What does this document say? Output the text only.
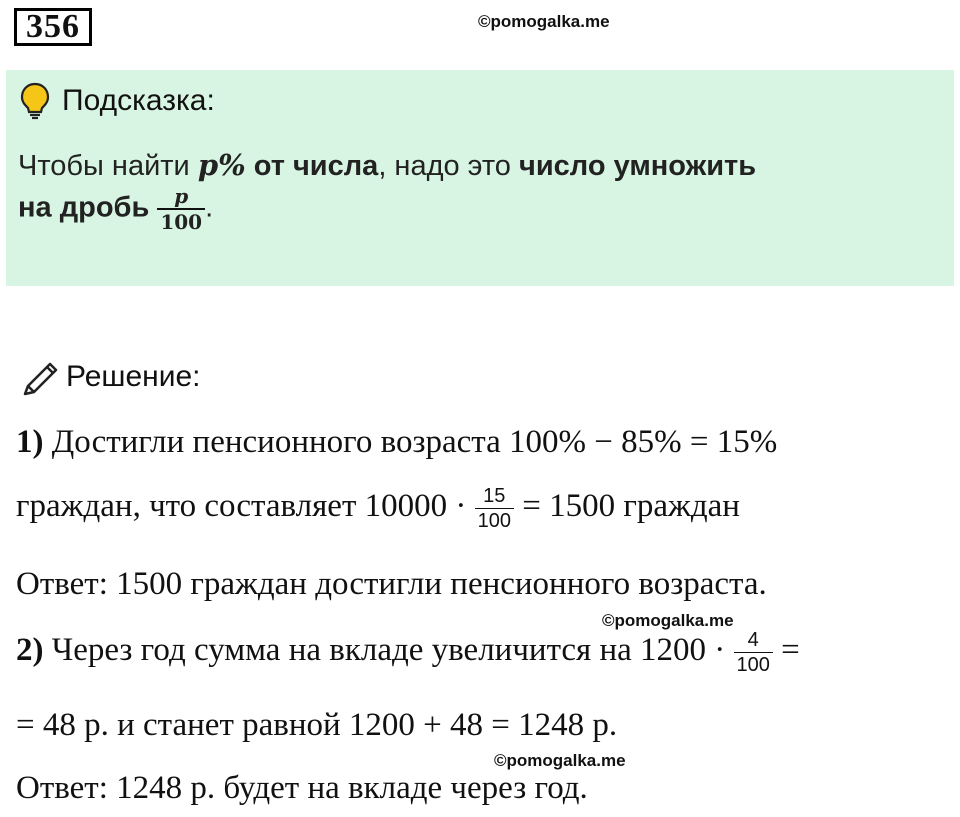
356	©pomogalka.me
©pomogalka.me
©pomogalka.me
Подсказка:
Чтобы найти p% от числа, надо это число умножить
на дробь $\frac{p}{100}$ .
Решение:
1) Достигли пенсионного возраста 100% − 85% = 15%
граждан, что составляет $10000 \cdot \frac{15}{100} = 1500$ граждан
Ответ: 1500 граждан достигли пенсионного возраста.
2) Через год сумма на вкладе увеличится на $1200 \cdot \frac{4}{100}$ =
= 48 р. и станет равной 1200 + 48 = 1248 р.
Ответ: 1248 р. будет на вкладе через год.
